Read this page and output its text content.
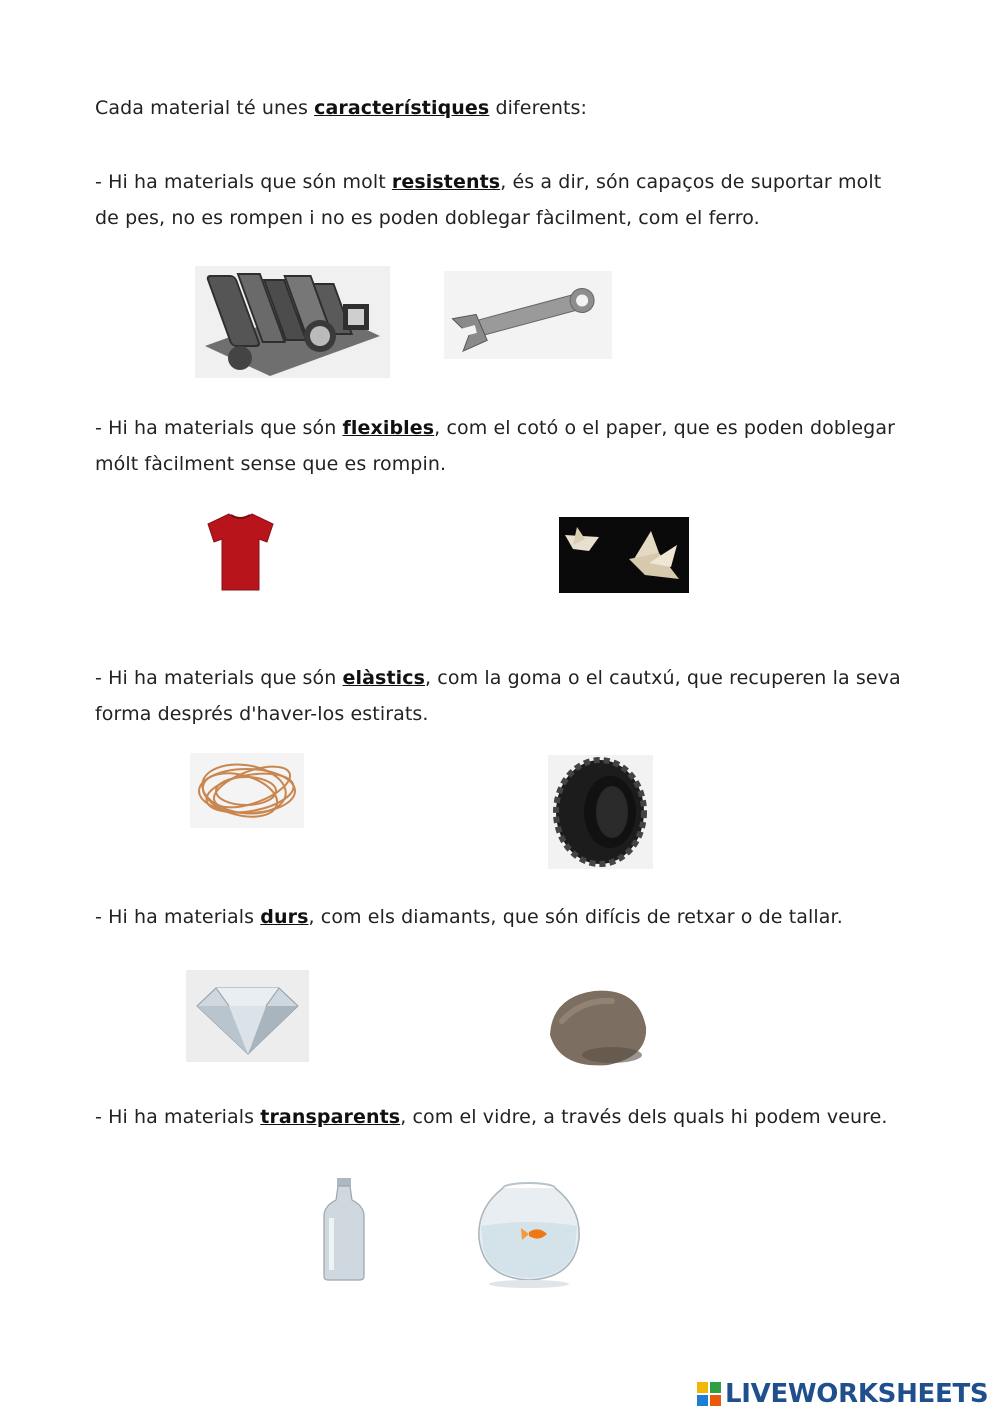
Cada material té unes característiques diferents:

- Hi ha materials que són molt resistents, és a dir, són capaços de suportar molt de pes, no es rompen i no es poden doblegar fàcilment, com el ferro.

- Hi ha materials que són flexibles, com el cotó o el paper, que es poden doblegar mólt fàcilment sense que es rompin.

- Hi ha materials que són elàstics, com la goma o el cautxú, que recuperen la seva forma després d'haver-los estirats.

- Hi ha materials durs, com els diamants, que són difícis de retxar o de tallar.

- Hi ha materials transparents, com el vidre, a través dels quals hi podem veure.

LIVEWORKSHEETS
